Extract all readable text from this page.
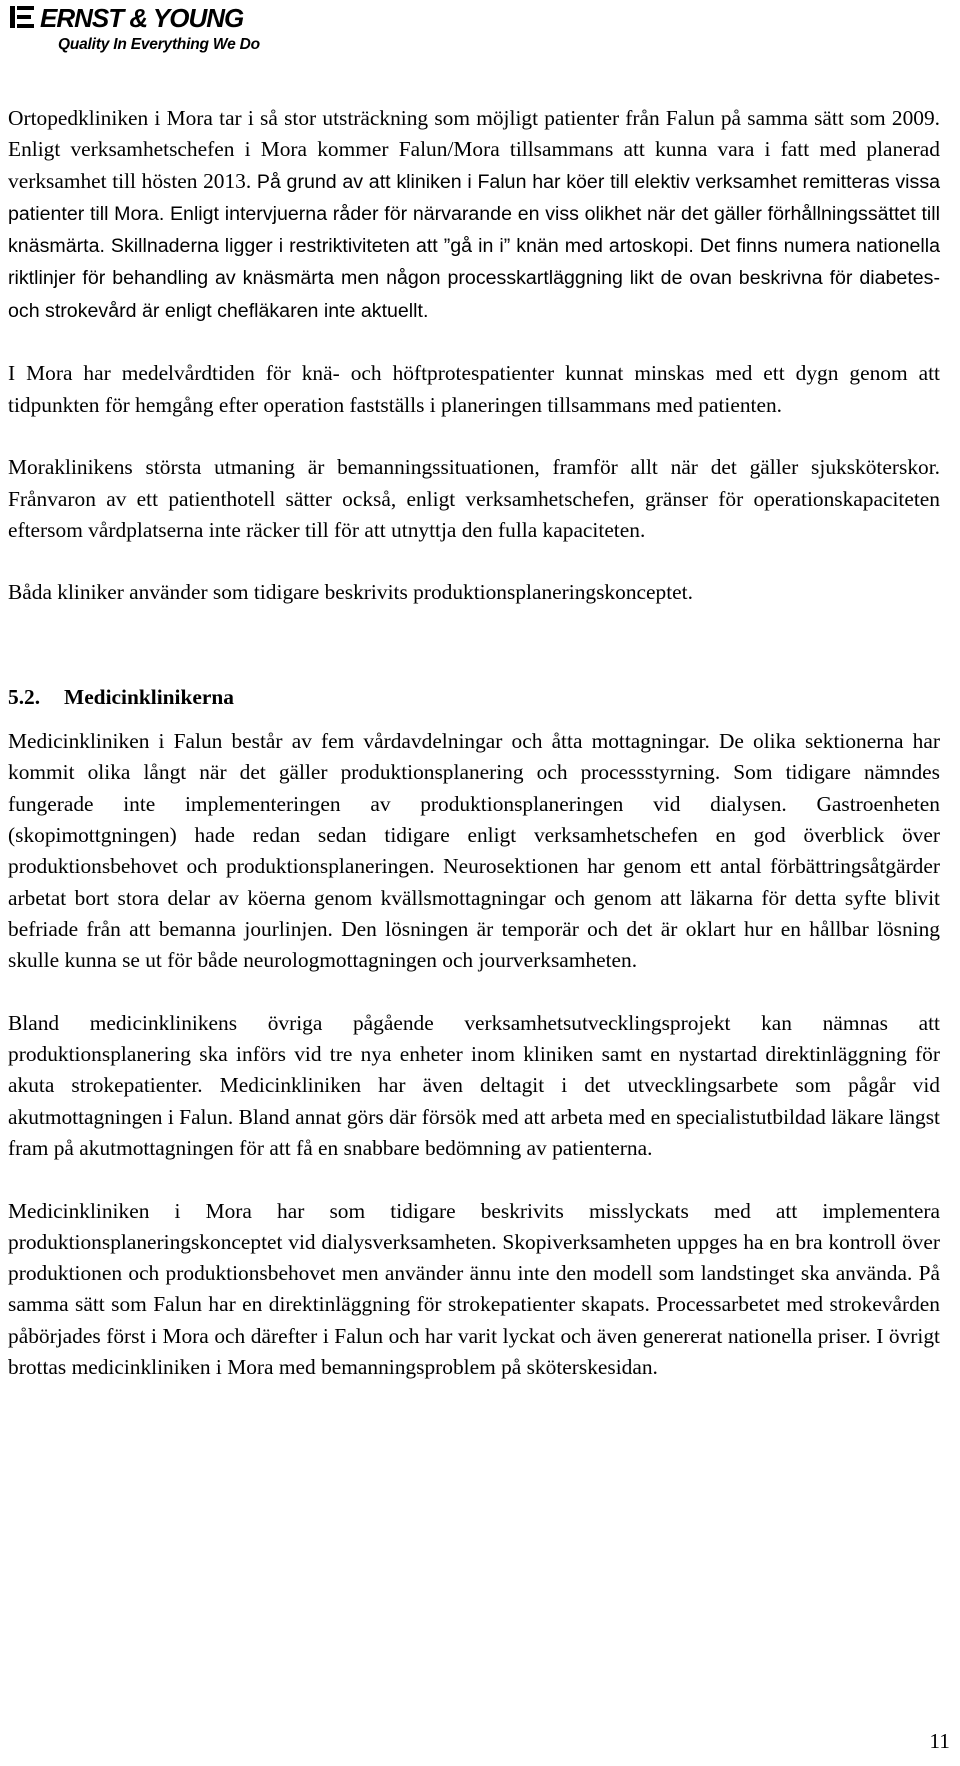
ERNST & YOUNG
Quality In Everything We Do

Ortopedkliniken i Mora tar i så stor utsträckning som möjligt patienter från Falun på samma sätt som 2009. Enligt verksamhetschefen i Mora kommer Falun/Mora tillsammans att kunna vara i fatt med planerad verksamhet till hösten 2013. På grund av att kliniken i Falun har köer till elektiv verksamhet remitteras vissa patienter till Mora. Enligt intervjuerna råder för närvarande en viss olikhet när det gäller förhållningssättet till knäsmärta. Skillnaderna ligger i restriktiviteten att ”gå in i” knän med artoskopi. Det finns numera nationella riktlinjer för behandling av knäsmärta men någon processkartläggning likt de ovan beskrivna för diabetes- och strokevård är enligt chefläkaren inte aktuellt.

I Mora har medelvårdtiden för knä- och höftprotespatienter kunnat minskas med ett dygn genom att tidpunkten för hemgång efter operation fastställs i planeringen tillsammans med patienten.

Moraklinikens största utmaning är bemanningssituationen, framför allt när det gäller sjuksköterskor. Frånvaron av ett patienthotell sätter också, enligt verksamhetschefen, gränser för operationskapaciteten eftersom vårdplatserna inte räcker till för att utnyttja den fulla kapaciteten.

Båda kliniker använder som tidigare beskrivits produktionsplaneringskonceptet.

5.2.	Medicinklinikerna

Medicinkliniken i Falun består av fem vårdavdelningar och åtta mottagningar. De olika sektionerna har kommit olika långt när det gäller produktionsplanering och processstyrning. Som tidigare nämndes fungerade inte implementeringen av produktionsplaneringen vid dialysen. Gastroenheten (skopimottgningen) hade redan sedan tidigare enligt verksamhetschefen en god överblick över produktionsbehovet och produktionsplaneringen. Neurosektionen har genom ett antal förbättringsåtgärder arbetat bort stora delar av köerna genom kvällsmottagningar och genom att läkarna för detta syfte blivit befriade från att bemanna jourlinjen. Den lösningen är temporär och det är oklart hur en hållbar lösning skulle kunna se ut för både neurologmottagningen och jourverksamheten.

Bland medicinklinikens övriga pågående verksamhetsutvecklingsprojekt kan nämnas att produktionsplanering ska införs vid tre nya enheter inom kliniken samt en nystartad direktinläggning för akuta strokepatienter. Medicinkliniken har även deltagit i det utvecklingsarbete som pågår vid akutmottagningen i Falun. Bland annat görs där försök med att arbeta med en specialistutbildad läkare längst fram på akutmottagningen för att få en snabbare bedömning av patienterna.

Medicinkliniken i Mora har som tidigare beskrivits misslyckats med att implementera produktionsplaneringskonceptet vid dialysverksamheten. Skopiverksamheten uppges ha en bra kontroll över produktionen och produktionsbehovet men använder ännu inte den modell som landstinget ska använda. På samma sätt som Falun har en direktinläggning för strokepatienter skapats. Processarbetet med strokevården påbörjades först i Mora och därefter i Falun och har varit lyckat och även genererat nationella priser. I övrigt brottas medicinkliniken i Mora med bemanningsproblem på sköterskesidan.

11
